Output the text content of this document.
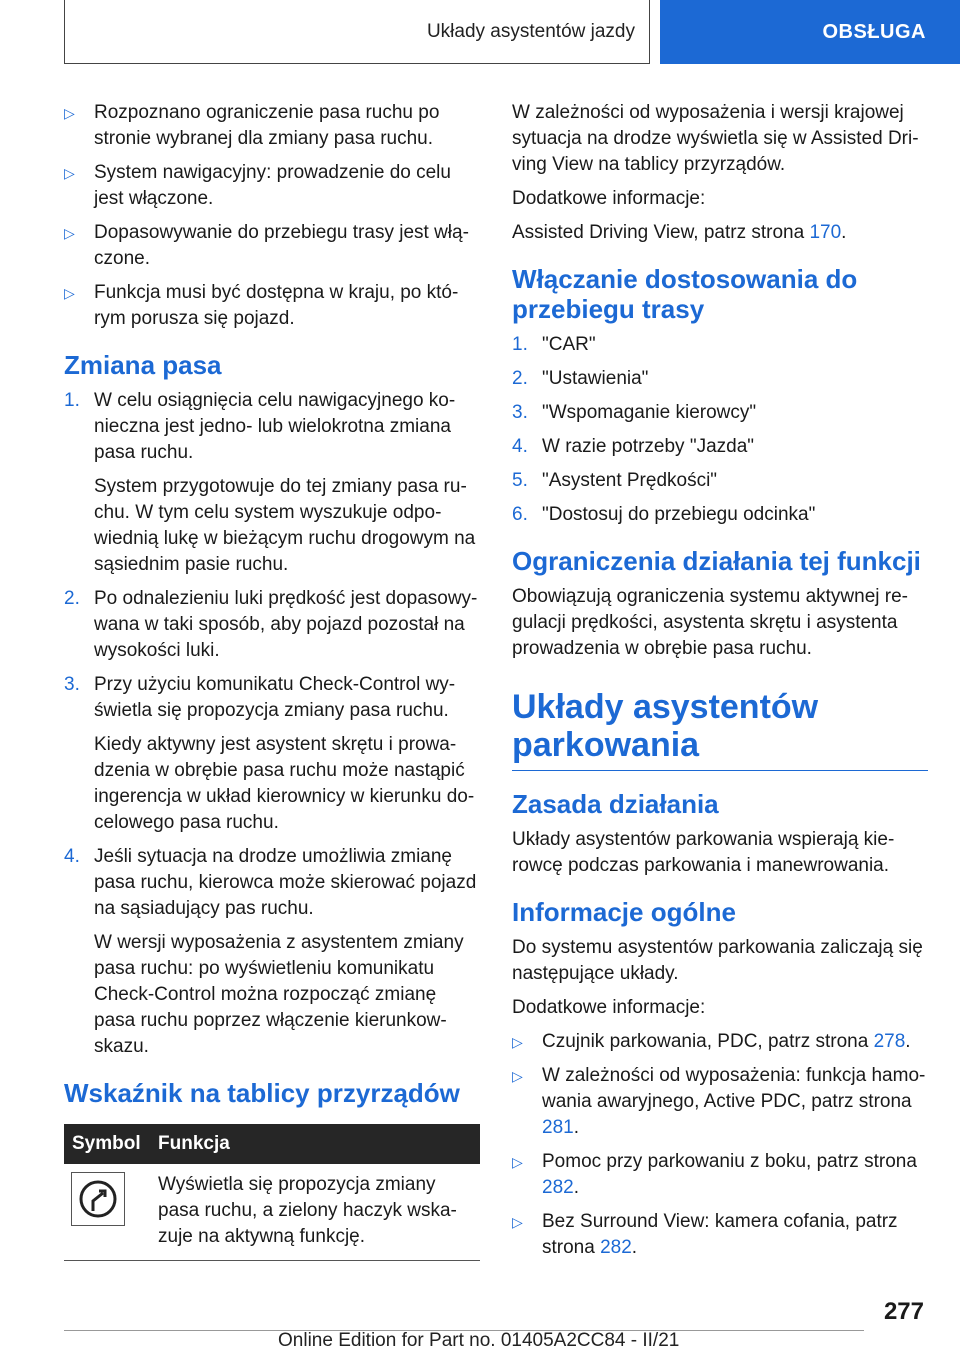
Układy asystentów jazdy	OBSŁUGA
▷ Rozpoznano ograniczenie pasa ruchu po stronie wybranej dla zmiany pasa ruchu.
▷ System nawigacyjny: prowadzenie do celu jest włączone.
▷ Dopasowywanie do przebiegu trasy jest włą-czone.
▷ Funkcja musi być dostępna w kraju, po któ-rym porusza się pojazd.
Zmiana pasa
1. W celu osiągnięcia celu nawigacyjnego ko-nieczna jest jedno- lub wielokrotna zmiana pasa ruchu.

System przygotowuje do tej zmiany pasa ru-chu. W tym celu system wyszukuje odpo-wiednią lukę w bieżącym ruchu drogowym na sąsiednim pasie ruchu.

2. Po odnalezieniu luki prędkość jest dopasowy-wana w taki sposób, aby pojazd pozostał na wysokości luki.

3. Przy użyciu komunikatu Check-Control wy-świetla się propozycja zmiany pasa ruchu.

Kiedy aktywny jest asystent skrętu i prowa-dzenia w obrębie pasa ruchu może nastąpić ingerencja w układ kierownicy w kierunku do-celowego pasa ruchu.

4. Jeśli sytuacja na drodze umożliwia zmianę pasa ruchu, kierowca może skierować pojazd na sąsiadujący pas ruchu.

W wersji wyposażenia z asystentem zmiany pasa ruchu: po wyświetleniu komunikatu Check-Control można rozpocząć zmianę pasa ruchu poprzez włączenie kierunkow-skazu.

Wskaźnik na tablicy przyrządów
Symbol	Funkcja

	Wyświetla się propozycja zmiany pasa ruchu, a zielony haczyk wska-zuje na aktywną funkcję.

W zależności od wyposażenia i wersji krajowej sytuacja na drodze wyświetla się w Assisted Dri-ving View na tablicy przyrządów.

Dodatkowe informacje:

Assisted Driving View, patrz strona 170.

Włączanie dostosowania do przebiegu trasy
1. "CAR"
2. "Ustawienia"
3. "Wspomaganie kierowcy"
4. W razie potrzeby "Jazda"
5. "Asystent Prędkości"
6. "Dostosuj do przebiegu odcinka"
Ograniczenia działania tej funkcji

Obowiązują ograniczenia systemu aktywnej re-gulacji prędkości, asystenta skrętu i asystenta prowadzenia w obrębie pasa ruchu.

Układy asystentów parkowania
Zasada działania

Układy asystentów parkowania wspierają kie-rowcę podczas parkowania i manewrowania.

Informacje ogólne

Do systemu asystentów parkowania zaliczają się następujące układy.

Dodatkowe informacje:

▷ Czujnik parkowania, PDC, patrz strona 278.
▷ W zależności od wyposażenia: funkcja hamo-wania awaryjnego, Active PDC, patrz strona 281.
▷ Pomoc przy parkowaniu z boku, patrz strona 282.
▷ Bez Surround View: kamera cofania, patrz strona 282.
277
Online Edition for Part no. 01405A2CC84 - II/21
